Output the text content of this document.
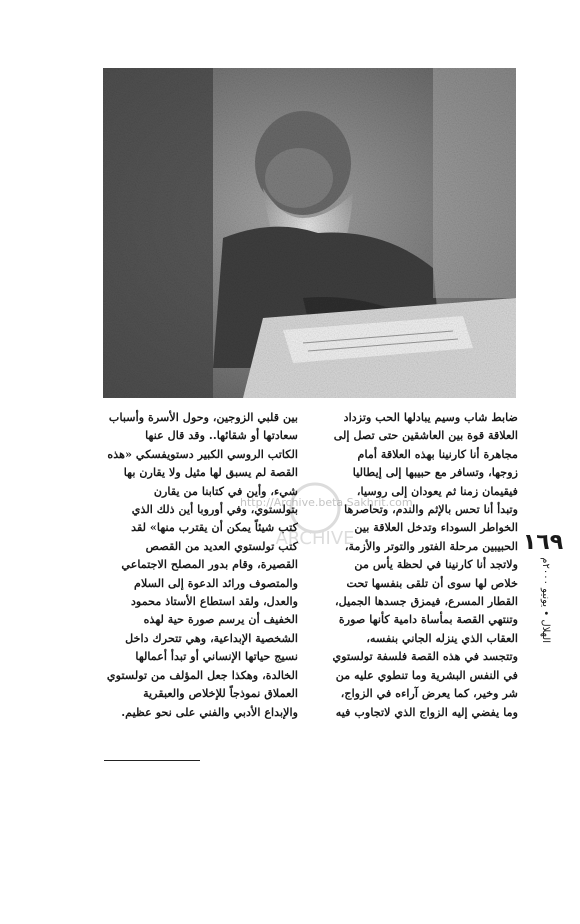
ARCHIVE
http://Archive.beta.Sakhrit.com
ضابط شاب وسيم يبادلها الحب وتزداد
العلاقة قوة بين العاشقين حتى تصل إلى
مجاهرة أنا كارنينا بهذه العلاقة أمام
زوجها، وتسافر مع حبيبها إلى إيطاليا
فيقيمان زمنا ثم يعودان إلى روسيا،
وتبدأ أنا تحس بالإثم والندم، وتحاصرها
الخواطر السوداء وتدخل العلاقة بين
الحبيبين مرحلة الفتور والتوتر والأزمة،
ولاتجد أنا كارنينا في لحظة يأس من
خلاص لها سوى أن تلقى بنفسها تحت
القطار المسرع، فيمزق جسدها الجميل،
وتنتهي القصة بمأساة دامية كأنها صورة
العقاب الذي ينزله الجاني بنفسه،
وتتجسد في هذه القصة فلسفة تولستوي
في النفس البشرية وما تنطوي عليه من
شر وخير، كما يعرض آراءه في الزواج،
وما يفضي إليه الزواج الذي لاتجاوب فيه
بين قلبي الزوجين، وحول الأسرة وأسباب
سعادتها أو شقائها.. وقد قال عنها
الكاتب الروسي الكبير دستويفسكي «هذه
القصة لم يسبق لها مثيل ولا يقارن بها
شيء، وأين في كتابنا من يقارن
بتولستوي، وفي أوروبا أين ذلك الذي
كتب شيئاً يمكن أن يقترب منها» لقد
كتب تولستوي العديد من القصص
القصيرة، وقام بدور المصلح الاجتماعي
والمتصوف ورائد الدعوة إلى السلام
والعدل، ولقد استطاع الأستاذ محمود
الخفيف أن يرسم صورة حية لهذه
الشخصية الإبداعية، وهي تتحرك داخل
نسيج حياتها الإنساني أو تبدأ أعمالها
الخالدة، وهكذا جعل المؤلف من تولستوي
العملاق نموذجاً للإخلاص والعبقرية
والإبداع الأدبي والفني على نحو عظيم.
١٦٩
الهلال • يونيو ٢٠٠٠م
